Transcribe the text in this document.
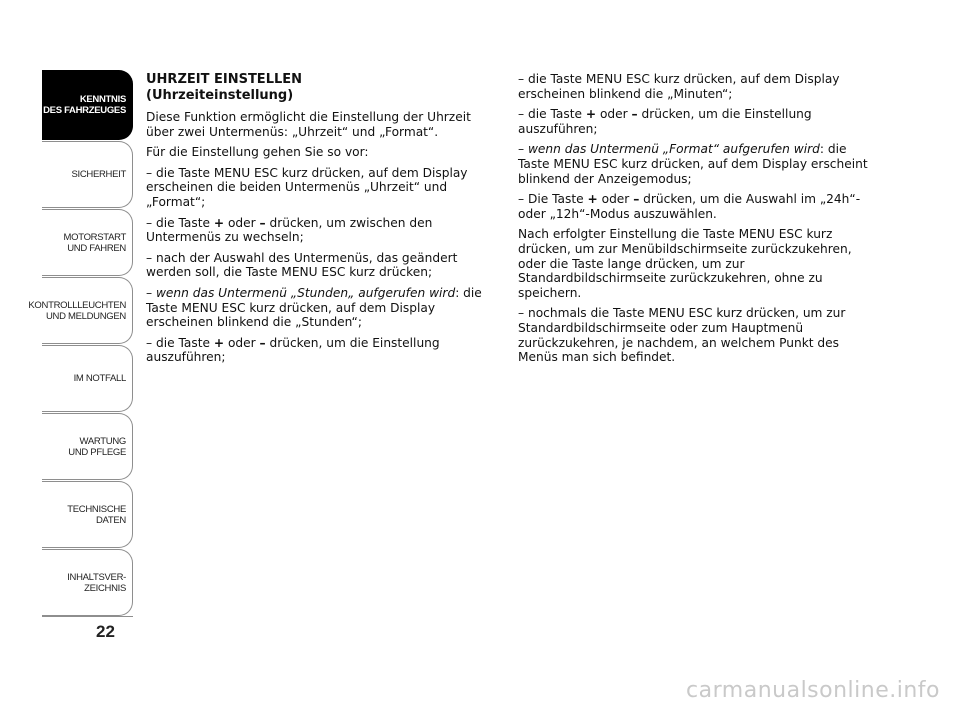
KENNTNIS
DES FAHRZEUGES
SICHERHEIT
MOTORSTART
UND FAHREN
KONTROLLLEUCHTEN
UND MELDUNGEN
IM NOTFALL
WARTUNG
UND PFLEGE
TECHNISCHE DATEN
INHALTSVER-
ZEICHNIS
22
UHRZEIT EINSTELLEN
(Uhrzeiteinstellung)

Diese Funktion ermöglicht die Einstellung der Uhrzeit über zwei Untermenüs: „Uhrzeit“ und „Format“.

Für die Einstellung gehen Sie so vor:

– die Taste MENU ESC kurz drücken, auf dem Display erscheinen die beiden Untermenüs „Uhrzeit“ und „Format“;

– die Taste + oder – drücken, um zwischen den Untermenüs zu wechseln;

– nach der Auswahl des Untermenüs, das geändert werden soll, die Taste MENU ESC kurz drücken;

– wenn das Untermenü „Stunden„ aufgerufen wird: die Taste MENU ESC kurz drücken, auf dem Display erscheinen blinkend die „Stunden“;

– die Taste + oder – drücken, um die Einstellung auszuführen;

– die Taste MENU ESC kurz drücken, auf dem Display erscheinen blinkend die „Minuten“;

– die Taste + oder – drücken, um die Einstellung auszuführen;

– wenn das Untermenü „Format“ aufgerufen wird: die Taste MENU ESC kurz drücken, auf dem Display erscheint blinkend der Anzeigemodus;

– Die Taste + oder – drücken, um die Auswahl im „24h“- oder „12h“-Modus auszuwählen.

Nach erfolgter Einstellung die Taste MENU ESC kurz drücken, um zur Menübildschirmseite zurückzukehren, oder die Taste lange drücken, um zur Standardbildschirmseite zurückzukehren, ohne zu speichern.

– nochmals die Taste MENU ESC kurz drücken, um zur Standardbildschirmseite oder zum Hauptmenü zurückzukehren, je nachdem, an welchem Punkt des Menüs man sich befindet.

carmanualsonline.info
